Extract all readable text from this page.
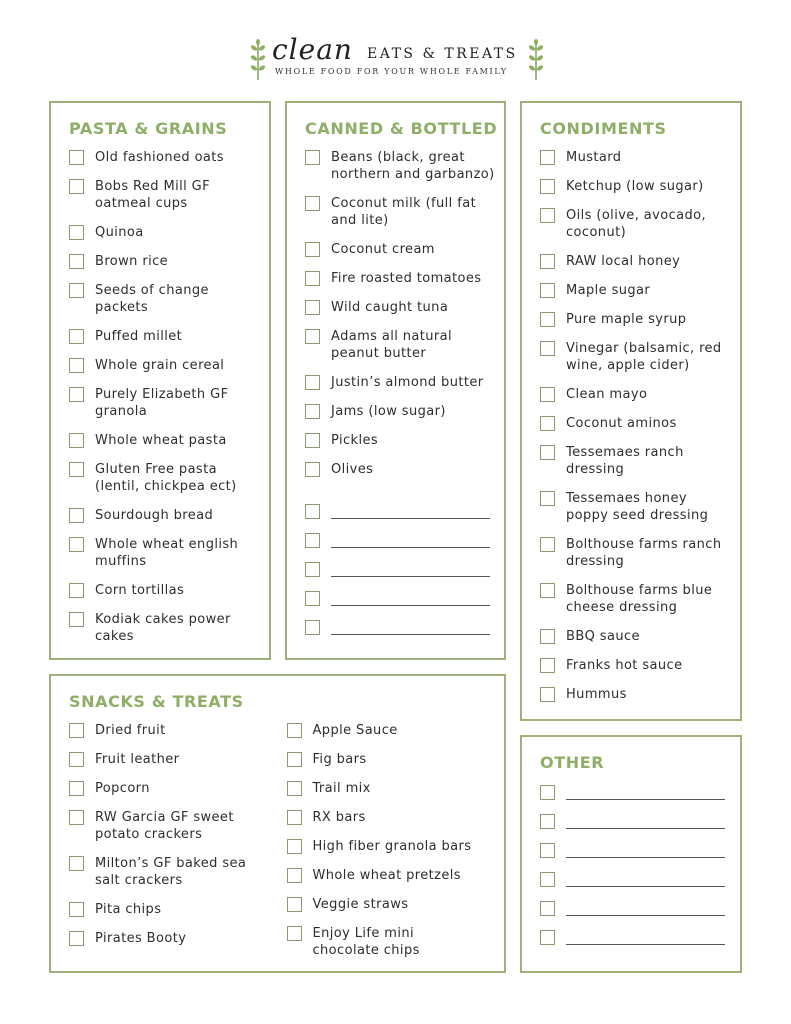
clean EATS & TREATS
WHOLE FOOD FOR YOUR WHOLE FAMILY
PASTA & GRAINS
Old fashioned oats
Bobs Red Mill GF oatmeal cups
Quinoa
Brown rice
Seeds of change packets
Puffed millet
Whole grain cereal
Purely Elizabeth GF granola
Whole wheat pasta
Gluten Free pasta (lentil, chickpea ect)
Sourdough bread
Whole wheat english muffins
Corn tortillas
Kodiak cakes power cakes
CANNED & BOTTLED
Beans (black, great northern and garbanzo)
Coconut milk (full fat and lite)
Coconut cream
Fire roasted tomatoes
Wild caught tuna
Adams all natural peanut butter
Justin’s almond butter
Jams (low sugar)
Pickles
Olives
CONDIMENTS
Mustard
Ketchup (low sugar)
Oils (olive, avocado, coconut)
RAW local honey
Maple sugar
Pure maple syrup
Vinegar (balsamic, red wine, apple cider)
Clean mayo
Coconut aminos
Tessemaes ranch dressing
Tessemaes honey poppy seed dressing
Bolthouse farms ranch dressing
Bolthouse farms blue cheese dressing
BBQ sauce
Franks hot sauce
Hummus
SNACKS & TREATS
Dried fruit
Fruit leather
Popcorn
RW Garcia GF sweet potato crackers
Milton’s GF baked sea salt crackers
Pita chips
Pirates Booty
Apple Sauce
Fig bars
Trail mix
RX bars
High fiber granola bars
Whole wheat pretzels
Veggie straws
Enjoy Life mini chocolate chips
OTHER
